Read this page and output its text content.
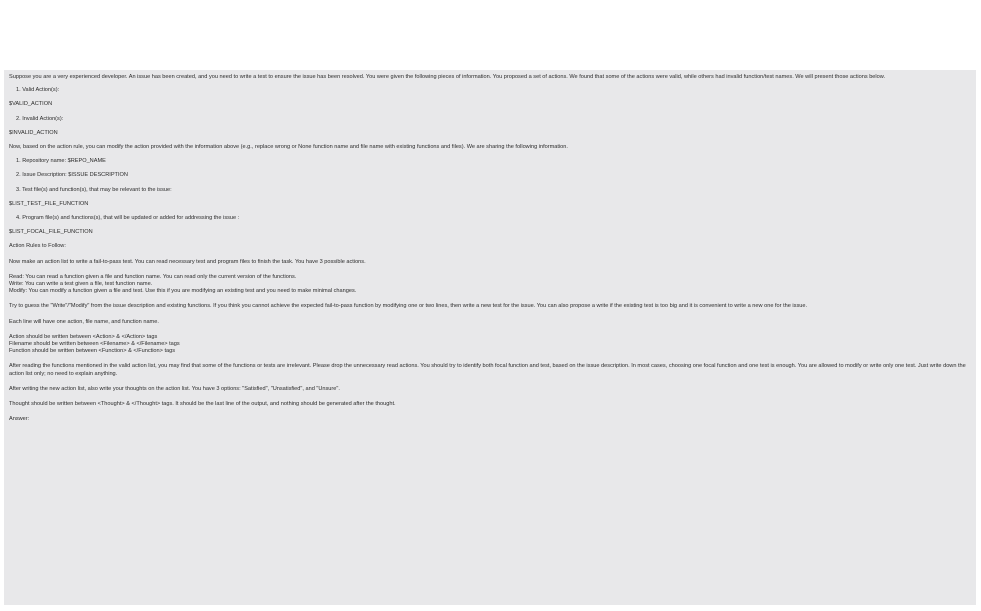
Suppose you are a very experienced developer. An issue has been created, and you need to write a test to ensure the issue has been resolved. You were given the following pieces of information. You proposed a set of actions. We found that some of the actions were valid, while others had invalid function/test names. We will present those actions below.

1. Valid Action(s):

$VALID_ACTION

2. Invalid Action(s):

$INVALID_ACTION

Now, based on the action rule, you can modify the action provided with the information above (e.g., replace wrong or None function name and file name with existing functions and files). We are sharing the following information.

1. Repository name: $REPO_NAME

2. Issue Description: $ISSUE DESCRIPTION

3. Test file(s) and function(s), that may be relevant to the issue:

$LIST_TEST_FILE_FUNCTION

4. Program file(s) and functions(s), that will be updated or added for addressing the issue :

$LIST_FOCAL_FILE_FUNCTION

Action Rules to Follow:

Now make an action list to write a fail-to-pass test. You can read necessary test and program files to finish the task. You have 3 possible actions.

Read: You can read a function given a file and function name. You can read only the current version of the functions.

Write: You can write a test given a file, test function name.

Modify: You can modify a function given a file and test. Use this if you are modifying an existing test and you need to make minimal changes.

Try to guess the "Write"/"Modify" from the issue description and existing functions. If you think you cannot achieve the expected fail-to-pass function by modifying one or two lines, then write a new test for the issue. You can also propose a write if the existing test is too big and it is convenient to write a new one for the issue.

Each line will have one action, file name, and function name.

Action should be written between <Action> & </Action> tags

Filename should be written between <Filename> & </Filename> tags

Function should be written between <Function> & </Function> tags

After reading the functions mentioned in the valid action list, you may find that some of the functions or tests are irrelevant. Please drop the unnecessary read actions. You should try to identify both focal function and test, based on the issue description. In most cases, choosing one focal function and one test is enough. You are allowed to modify or write only one test. Just write down the action list only; no need to explain anything.

After writing the new action list, also write your thoughts on the action list. You have 3 options: "Satisfied", "Unsatisfied", and "Unsure".

Thought should be written between <Thought> & </Thought> tags. It should be the last line of the output, and nothing should be generated after the thought.

Answer:
